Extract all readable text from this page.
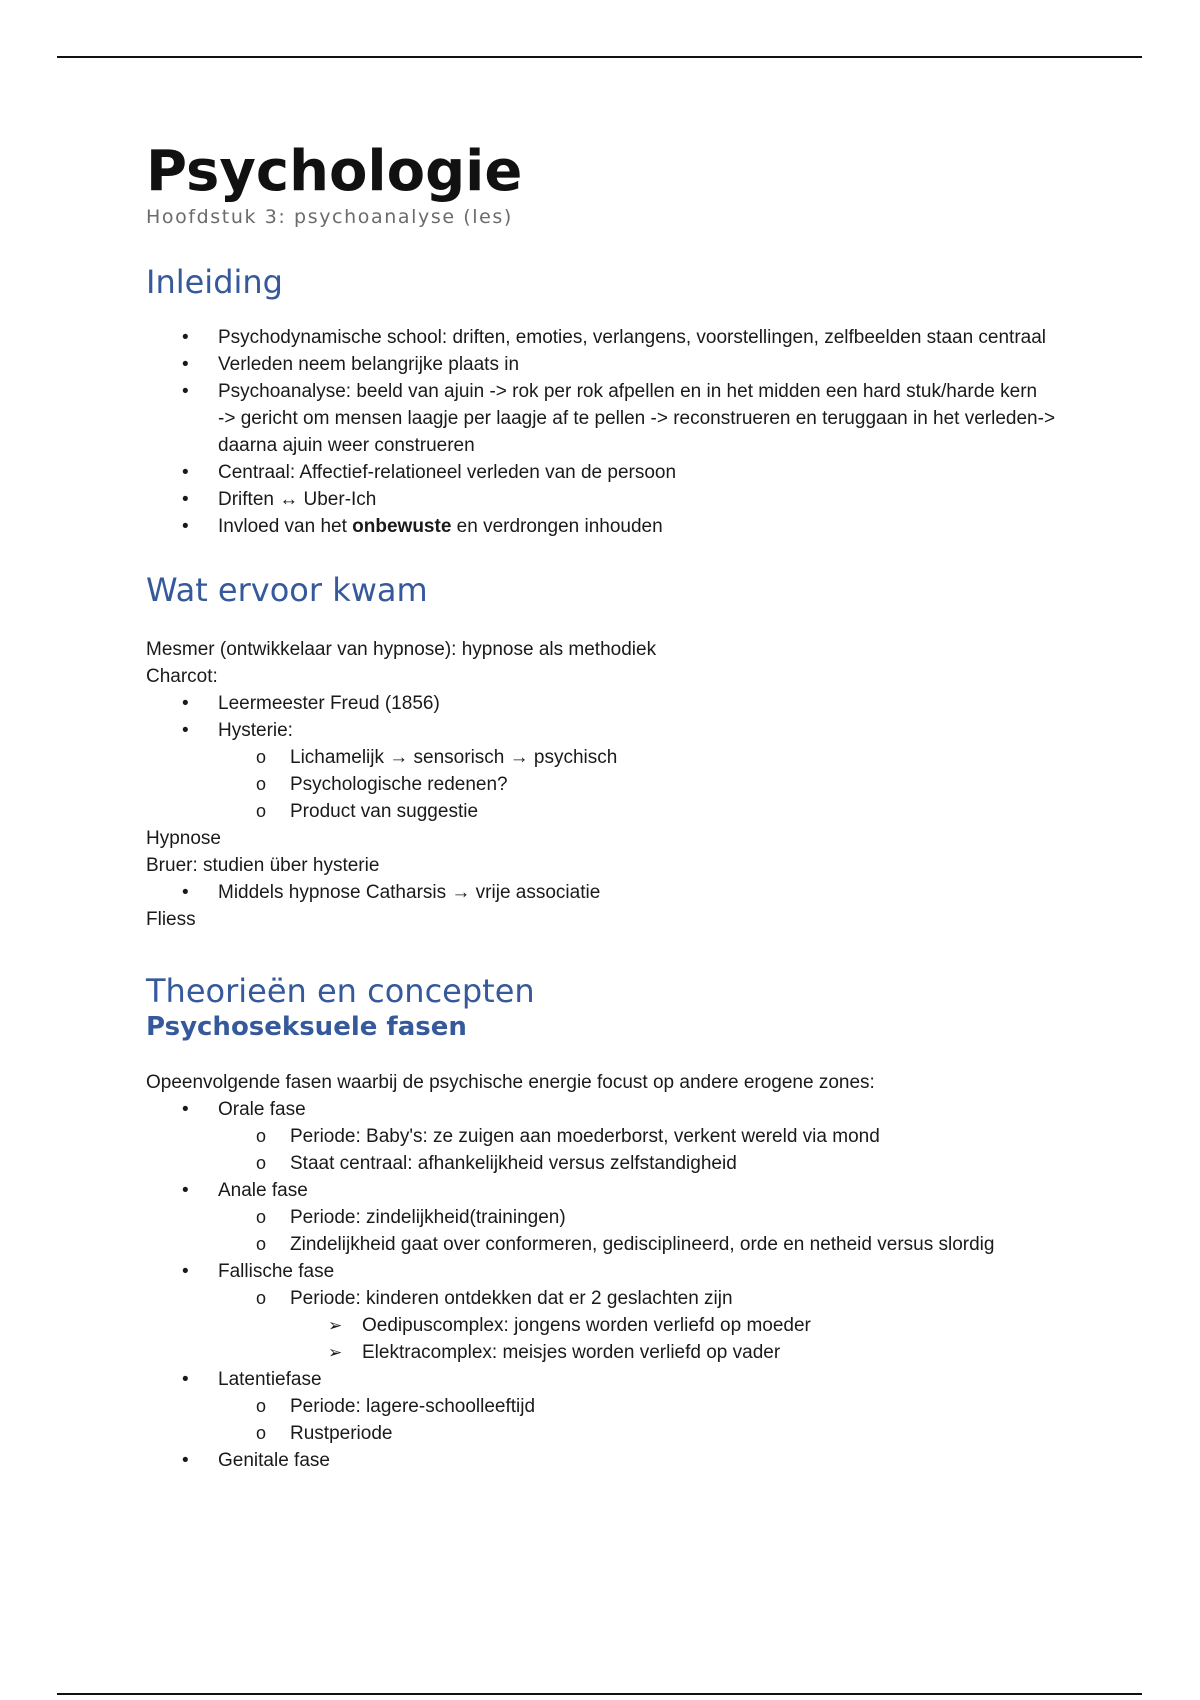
Psychologie

Hoofdstuk 3: psychoanalyse (les)

Inleiding
• Psychodynamische school: driften, emoties, verlangens, voorstellingen, zelfbeelden staan centraal
• Verleden neem belangrijke plaats in
• Psychoanalyse: beeld van ajuin -> rok per rok afpellen en in het midden een hard stuk/harde kern
-> gericht om mensen laagje per laagje af te pellen -> reconstrueren en teruggaan in het verleden-> daarna ajuin weer construeren
• Centraal: Affectief-relationeel verleden van de persoon
• Driften ↔ Uber-Ich
• Invloed van het onbewuste en verdrongen inhouden
Wat ervoor kwam

Mesmer (ontwikkelaar van hypnose): hypnose als methodiek

Charcot:

• Leermeester Freud (1856)
• Hysterie:
o Lichamelijk → sensorisch → psychisch
o Psychologische redenen?
o Product van suggestie

Hypnose

Bruer: studien über hysterie

• Middels hypnose Catharsis → vrije associatie

Fliess

Theorieën en concepten
Psychoseksuele fasen

Opeenvolgende fasen waarbij de psychische energie focust op andere erogene zones:

• Orale fase
o Periode: Baby's: ze zuigen aan moederborst, verkent wereld via mond
o Staat centraal: afhankelijkheid versus zelfstandigheid
• Anale fase
o Periode: zindelijkheid(trainingen)
o Zindelijkheid gaat over conformeren, gedisciplineerd, orde en netheid versus slordig
• Fallische fase
o Periode: kinderen ontdekken dat er 2 geslachten zijn
➢ Oedipuscomplex: jongens worden verliefd op moeder
➢ Elektracomplex: meisjes worden verliefd op vader
• Latentiefase
o Periode: lagere-schoolleeftijd
o Rustperiode
• Genitale fase
